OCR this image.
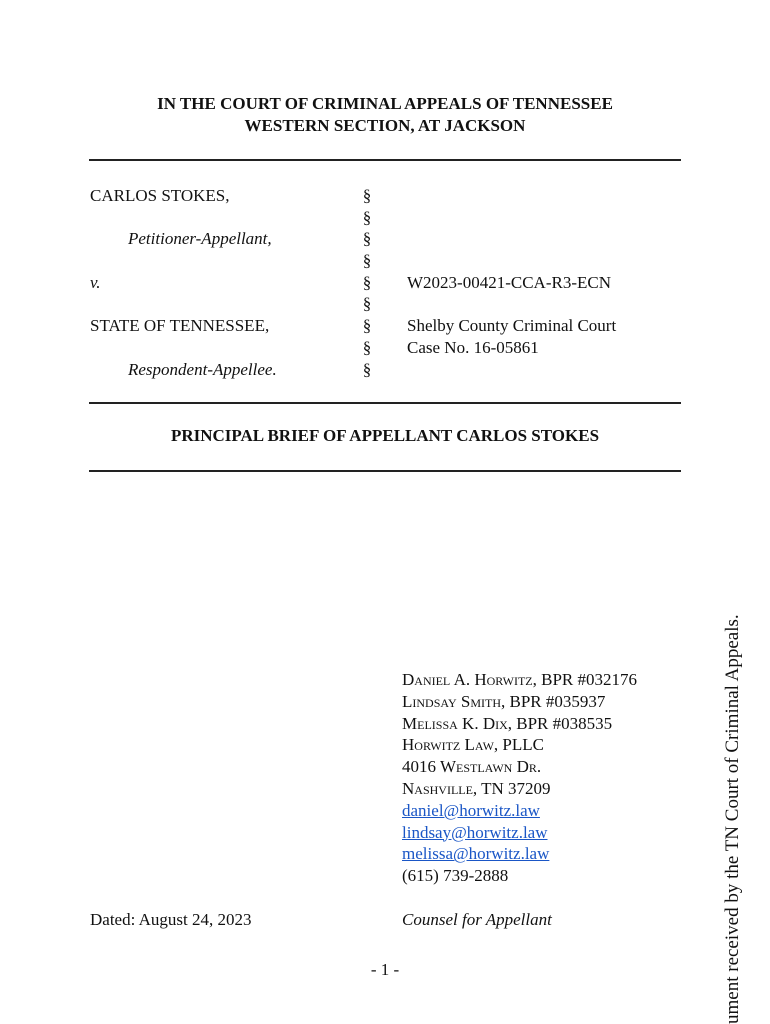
IN THE COURT OF CRIMINAL APPEALS OF TENNESSEE
WESTERN SECTION, AT JACKSON
CARLOS STOKES,
Petitioner-Appellant,
v.
STATE OF TENNESSEE,
Respondent-Appellee.
§
§
§
§
§
§
§
§
§
W2023-00421-CCA-R3-ECN
Shelby County Criminal Court
Case No. 16-05861
PRINCIPAL BRIEF OF APPELLANT CARLOS STOKES
Daniel A. Horwitz, BPR #032176
Lindsay Smith, BPR #035937
Melissa K. Dix, BPR #038535
Horwitz Law, PLLC
4016 Westlawn Dr.
Nashville, TN 37209
daniel@horwitz.law
lindsay@horwitz.law
melissa@horwitz.law
(615) 739-2888
Dated: August 24, 2023	Counsel for Appellant
- 1 -	ument received by the TN Court of Criminal Appeals.
